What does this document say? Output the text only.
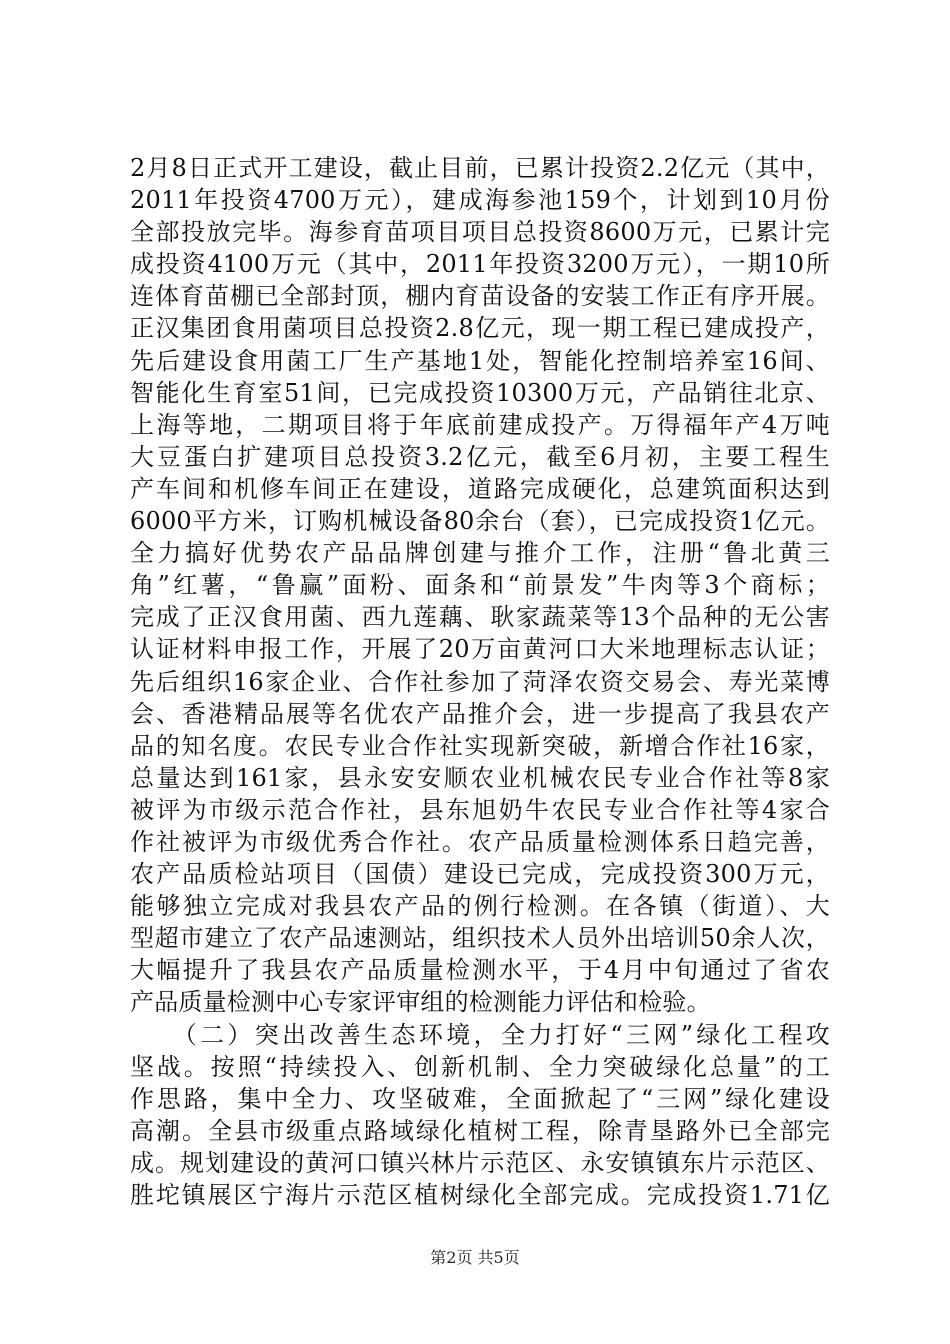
2月8日正式开工建设，截止目前，已累计投资2.2亿元（其中，
2011年投资4700万元），建成海参池159个，计划到10月份
全部投放完毕。海参育苗项目项目总投资8600万元，已累计完
成投资4100万元（其中，2011年投资3200万元），一期10所
连体育苗棚已全部封顶，棚内育苗设备的安装工作正有序开展。
正汉集团食用菌项目总投资2.8亿元，现一期工程已建成投产，
先后建设食用菌工厂生产基地1处，智能化控制培养室16间、
智能化生育室51间，已完成投资10300万元，产品销往北京、
上海等地，二期项目将于年底前建成投产。万得福年产4万吨
大豆蛋白扩建项目总投资3.2亿元，截至6月初，主要工程生
产车间和机修车间正在建设，道路完成硬化，总建筑面积达到
6000平方米，订购机械设备80余台（套），已完成投资1亿元。
全力搞好优势农产品品牌创建与推介工作，注册“鲁北黄三
角”红薯，“鲁赢”面粉、面条和“前景发”牛肉等3个商标；
完成了正汉食用菌、西九莲藕、耿家蔬菜等13个品种的无公害
认证材料申报工作，开展了20万亩黄河口大米地理标志认证；
先后组织16家企业、合作社参加了菏泽农资交易会、寿光菜博
会、香港精品展等名优农产品推介会，进一步提高了我县农产
品的知名度。农民专业合作社实现新突破，新增合作社16家，
总量达到161家，县永安安顺农业机械农民专业合作社等8家
被评为市级示范合作社，县东旭奶牛农民专业合作社等4家合
作社被评为市级优秀合作社。农产品质量检测体系日趋完善，
农产品质检站项目（国债）建设已完成，完成投资300万元，
能够独立完成对我县农产品的例行检测。在各镇（街道）、大
型超市建立了农产品速测站，组织技术人员外出培训50余人次，
大幅提升了我县农产品质量检测水平，于4月中旬通过了省农
产品质量检测中心专家评审组的检测能力评估和检验。
　　（二）突出改善生态环境，全力打好“三网”绿化工程攻
坚战。按照“持续投入、创新机制、全力突破绿化总量”的工
作思路，集中全力、攻坚破难，全面掀起了“三网”绿化建设
高潮。全县市级重点路域绿化植树工程，除青垦路外已全部完
成。规划建设的黄河口镇兴林片示范区、永安镇镇东片示范区、
胜坨镇展区宁海片示范区植树绿化全部完成。完成投资1.71亿
第2页 共5页
